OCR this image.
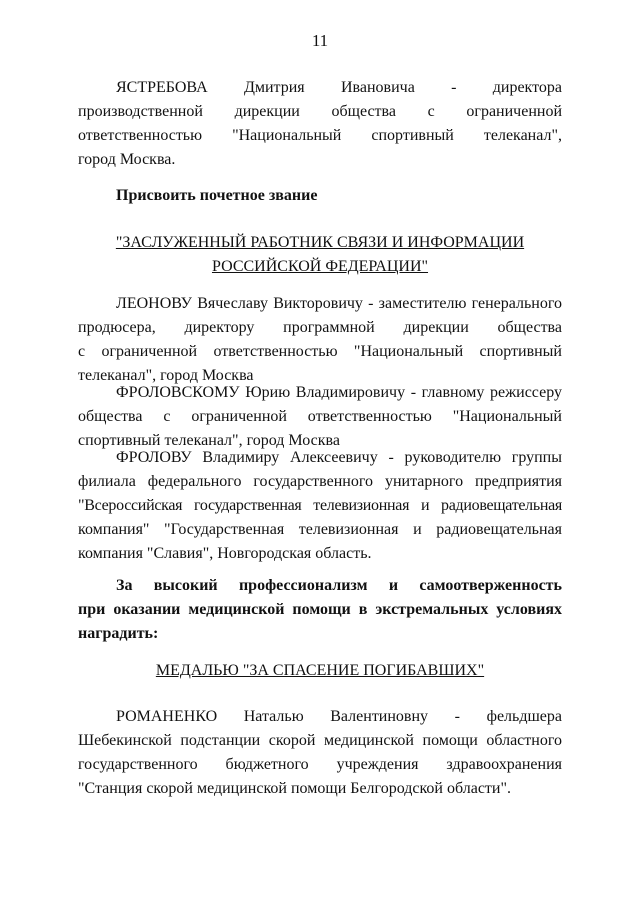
11
ЯСТРЕБОВА Дмитрия Ивановича - директора
производственной дирекции общества с ограниченной
ответственностью "Национальный спортивный телеканал",
город Москва.
Присвоить почетное звание
"ЗАСЛУЖЕННЫЙ РАБОТНИК СВЯЗИ И ИНФОРМАЦИИ
РОССИЙСКОЙ ФЕДЕРАЦИИ"
ЛЕОНОВУ Вячеславу Викторовичу - заместителю генерального
продюсера, директору программной дирекции общества
с ограниченной ответственностью "Национальный спортивный
телеканал", город Москва
ФРОЛОВСКОМУ Юрию Владимировичу - главному режиссеру
общества с ограниченной ответственностью "Национальный
спортивный телеканал", город Москва
ФРОЛОВУ Владимиру Алексеевичу - руководителю группы
филиала федерального государственного унитарного предприятия
"Всероссийская государственная телевизионная и радиовещательная
компания" "Государственная телевизионная и радиовещательная
компания "Славия", Новгородская область.
За высокий профессионализм и самоотверженность
при оказании медицинской помощи в экстремальных условиях
наградить:
МЕДАЛЬЮ "ЗА СПАСЕНИЕ ПОГИБАВШИХ"
РОМАНЕНКО Наталью Валентиновну - фельдшера
Шебекинской подстанции скорой медицинской помощи областного
государственного бюджетного учреждения здравоохранения
"Станция скорой медицинской помощи Белгородской области".
